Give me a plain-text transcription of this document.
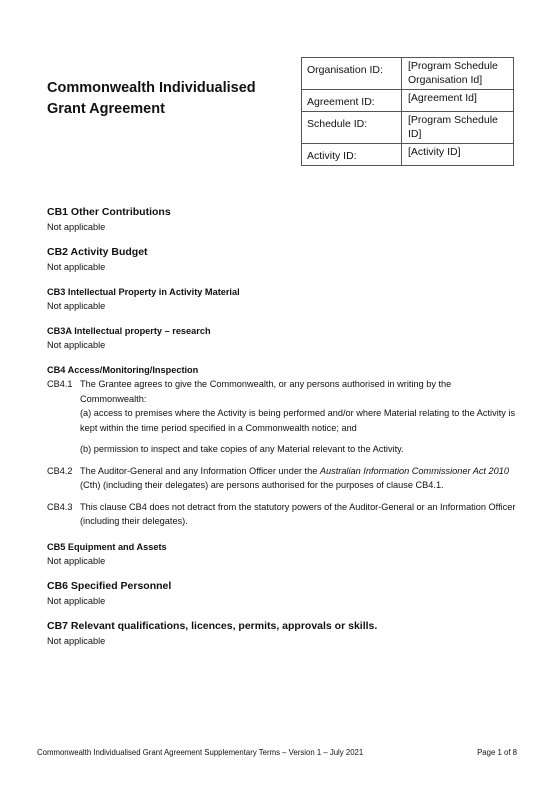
Commonwealth Individualised Grant Agreement
Organisation ID:	[Program Schedule Organisation Id]
Agreement ID:	[Agreement Id]
Schedule ID:	[Program Schedule ID]
Activity ID:	[Activity ID]
CB1 Other Contributions
Not applicable
CB2 Activity Budget
Not applicable
CB3 Intellectual Property in Activity Material
Not applicable
CB3A Intellectual property – research
Not applicable
CB4 Access/Monitoring/Inspection
CB4.1 The Grantee agrees to give the Commonwealth, or any persons authorised in writing by the Commonwealth:

(a) access to premises where the Activity is being performed and/or where Material relating to the Activity is kept within the time period specified in a Commonwealth notice; and

(b) permission to inspect and take copies of any Material relevant to the Activity.

CB4.2 The Auditor-General and any Information Officer under the Australian Information Commissioner Act 2010 (Cth) (including their delegates) are persons authorised for the purposes of clause CB4.1.
CB4.3 This clause CB4 does not detract from the statutory powers of the Auditor-General or an Information Officer (including their delegates).
CB5 Equipment and Assets
Not applicable
CB6 Specified Personnel
Not applicable
CB7 Relevant qualifications, licences, permits, approvals or skills.
Not applicable
Commonwealth Individualised Grant Agreement Supplementary Terms – Version 1 – July 2021	Page 1 of 8
